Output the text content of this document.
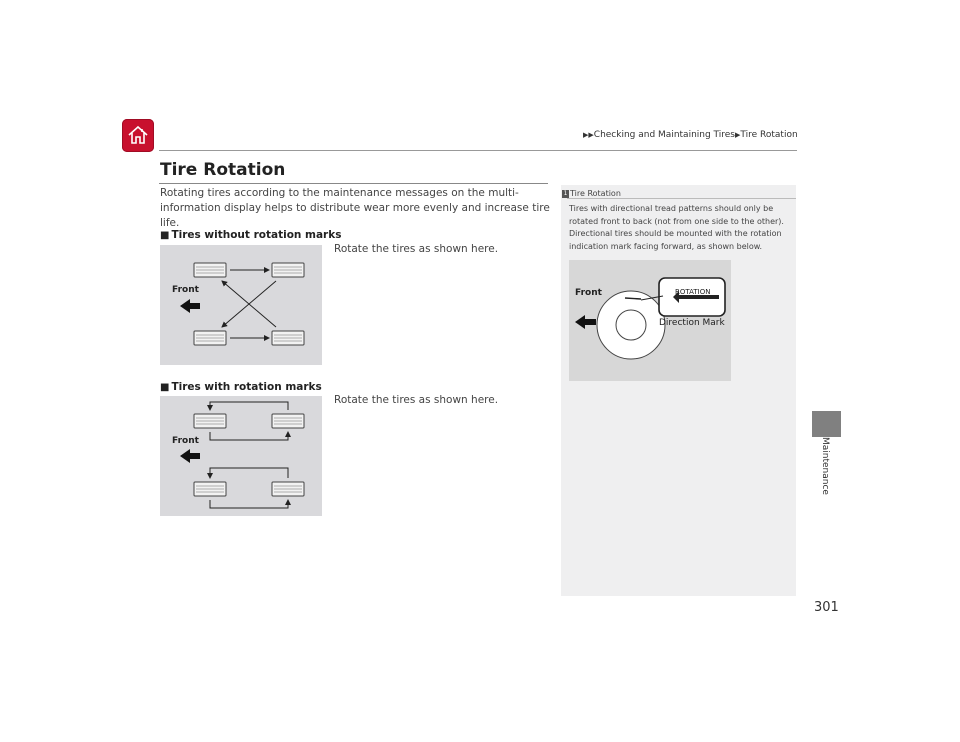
▶▶Checking and Maintaining Tires▶Tire Rotation
Tire Rotation
Rotating tires according to the maintenance messages on the multi-information display helps to distribute wear more evenly and increase tire life.
■ Tires without rotation marks
Rotate the tires as shown here.
Front
■ Tires with rotation marks
Rotate the tires as shown here.
Front
1 Tire Rotation
Tires with directional tread patterns should only be rotated front to back (not from one side to the other). Directional tires should be mounted with the rotation indication mark facing forward, as shown below.
ROTATION
Front
Direction Mark
Maintenance
301
